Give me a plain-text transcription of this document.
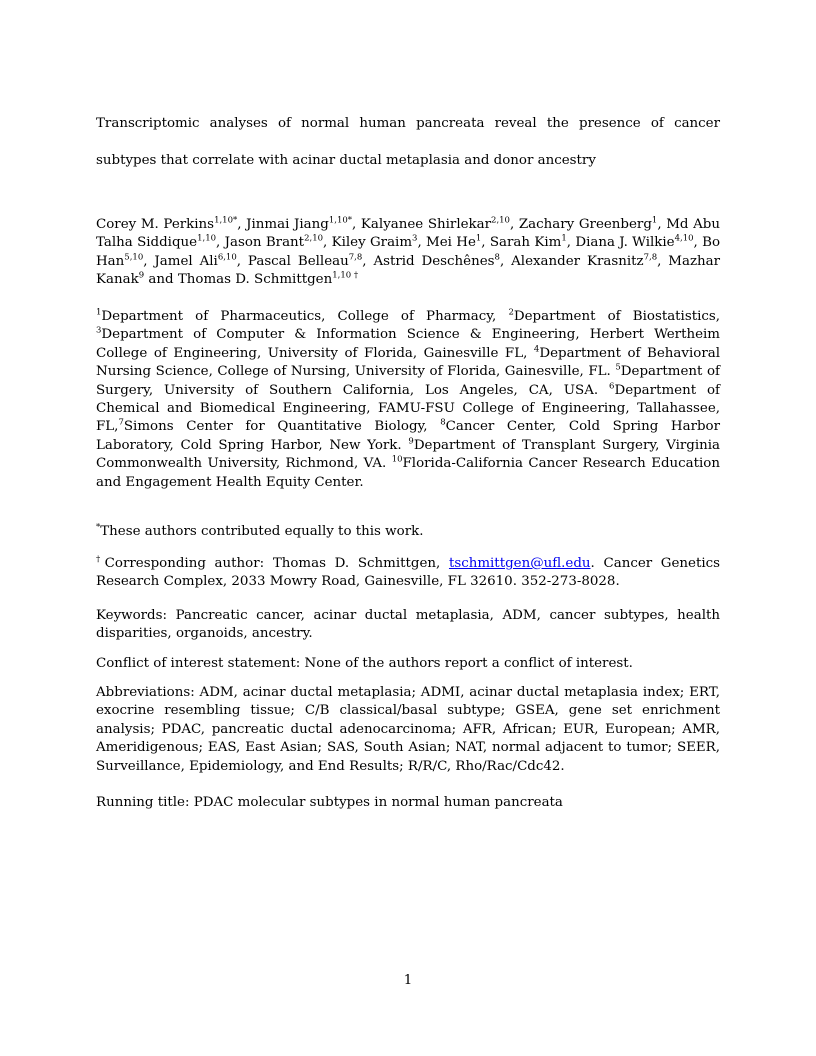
Transcriptomic analyses of normal human pancreata reveal the presence of cancer
subtypes that correlate with acinar ductal metaplasia and donor ancestry

Corey M. Perkins$^{1,10*}$, Jinmai Jiang$^{1,10*}$, Kalyanee Shirlekar$^{2,10}$, Zachary Greenberg$^1$, Md Abu Talha Siddique$^{1,10}$, Jason Brant$^{2,10}$, Kiley Graim$^3$, Mei He$^1$, Sarah Kim$^1$, Diana J. Wilkie$^{4,10}$, Bo Han$^{5,10}$, Jamel Ali$^{6,10}$, Pascal Belleau$^{7,8}$, Astrid Deschênes$^8$, Alexander Krasnitz$^{7,8}$, Mazhar Kanak$^9$ and Thomas D. Schmittgen$^{1,10 \dagger}$

$^1$Department of Pharmaceutics, College of Pharmacy, $^2$Department of Biostatistics, $^3$Department of Computer & Information Science & Engineering, Herbert Wertheim College of Engineering, University of Florida, Gainesville FL, $^4$Department of Behavioral Nursing Science, College of Nursing, University of Florida, Gainesville, FL. $^5$Department of Surgery, University of Southern California, Los Angeles, CA, USA. $^6$Department of Chemical and Biomedical Engineering, FAMU-FSU College of Engineering, Tallahassee, FL,$^7$Simons Center for Quantitative Biology, $^8$Cancer Center, Cold Spring Harbor Laboratory, Cold Spring Harbor, New York. $^9$Department of Transplant Surgery, Virginia Commonwealth University, Richmond, VA. $^{10}$Florida-California Cancer Research Education and Engagement Health Equity Center.

*These authors contributed equally to this work.

†Corresponding author: Thomas D. Schmittgen, tschmittgen@ufl.edu. Cancer Genetics Research Complex, 2033 Mowry Road, Gainesville, FL 32610. 352-273-8028.

Keywords: Pancreatic cancer, acinar ductal metaplasia, ADM, cancer subtypes, health disparities, organoids, ancestry.

Conflict of interest statement: None of the authors report a conflict of interest.

Abbreviations: ADM, acinar ductal metaplasia; ADMI, acinar ductal metaplasia index; ERT, exocrine resembling tissue; C/B classical/basal subtype; GSEA, gene set enrichment analysis; PDAC, pancreatic ductal adenocarcinoma; AFR, African; EUR, European; AMR, Ameridigenous; EAS, East Asian; SAS, South Asian; NAT, normal adjacent to tumor; SEER, Surveillance, Epidemiology, and End Results; R/R/C, Rho/Rac/Cdc42.

Running title: PDAC molecular subtypes in normal human pancreata

1
